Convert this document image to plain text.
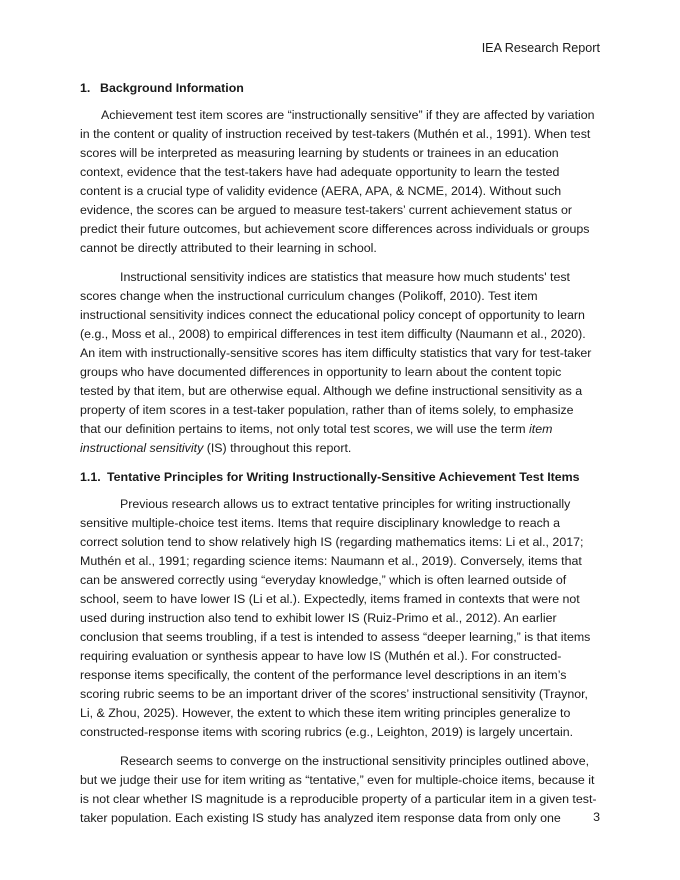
IEA Research Report
1. Background Information
Achievement test item scores are “instructionally sensitive” if they are affected by variation
in the content or quality of instruction received by test-takers (Muthén et al., 1991). When test
scores will be interpreted as measuring learning by students or trainees in an education
context, evidence that the test-takers have had adequate opportunity to learn the tested
content is a crucial type of validity evidence (AERA, APA, & NCME, 2014). Without such
evidence, the scores can be argued to measure test-takers’ current achievement status or
predict their future outcomes, but achievement score differences across individuals or groups
cannot be directly attributed to their learning in school.
Instructional sensitivity indices are statistics that measure how much students' test
scores change when the instructional curriculum changes (Polikoff, 2010). Test item
instructional sensitivity indices connect the educational policy concept of opportunity to learn
(e.g., Moss et al., 2008) to empirical differences in test item difficulty (Naumann et al., 2020).
An item with instructionally-sensitive scores has item difficulty statistics that vary for test-taker
groups who have documented differences in opportunity to learn about the content topic
tested by that item, but are otherwise equal. Although we define instructional sensitivity as a
property of item scores in a test-taker population, rather than of items solely, to emphasize
that our definition pertains to items, not only total test scores, we will use the term item
instructional sensitivity (IS) throughout this report.
1.1. Tentative Principles for Writing Instructionally-Sensitive Achievement Test Items
Previous research allows us to extract tentative principles for writing instructionally
sensitive multiple-choice test items. Items that require disciplinary knowledge to reach a
correct solution tend to show relatively high IS (regarding mathematics items: Li et al., 2017;
Muthén et al., 1991; regarding science items: Naumann et al., 2019). Conversely, items that
can be answered correctly using “everyday knowledge,” which is often learned outside of
school, seem to have lower IS (Li et al.). Expectedly, items framed in contexts that were not
used during instruction also tend to exhibit lower IS (Ruiz-Primo et al., 2012). An earlier
conclusion that seems troubling, if a test is intended to assess “deeper learning,” is that items
requiring evaluation or synthesis appear to have low IS (Muthén et al.). For constructed-
response items specifically, the content of the performance level descriptions in an item’s
scoring rubric seems to be an important driver of the scores’ instructional sensitivity (Traynor,
Li, & Zhou, 2025). However, the extent to which these item writing principles generalize to
constructed-response items with scoring rubrics (e.g., Leighton, 2019) is largely uncertain.
Research seems to converge on the instructional sensitivity principles outlined above,
but we judge their use for item writing as “tentative,” even for multiple-choice items, because it
is not clear whether IS magnitude is a reproducible property of a particular item in a given test-
taker population. Each existing IS study has analyzed item response data from only one	3
